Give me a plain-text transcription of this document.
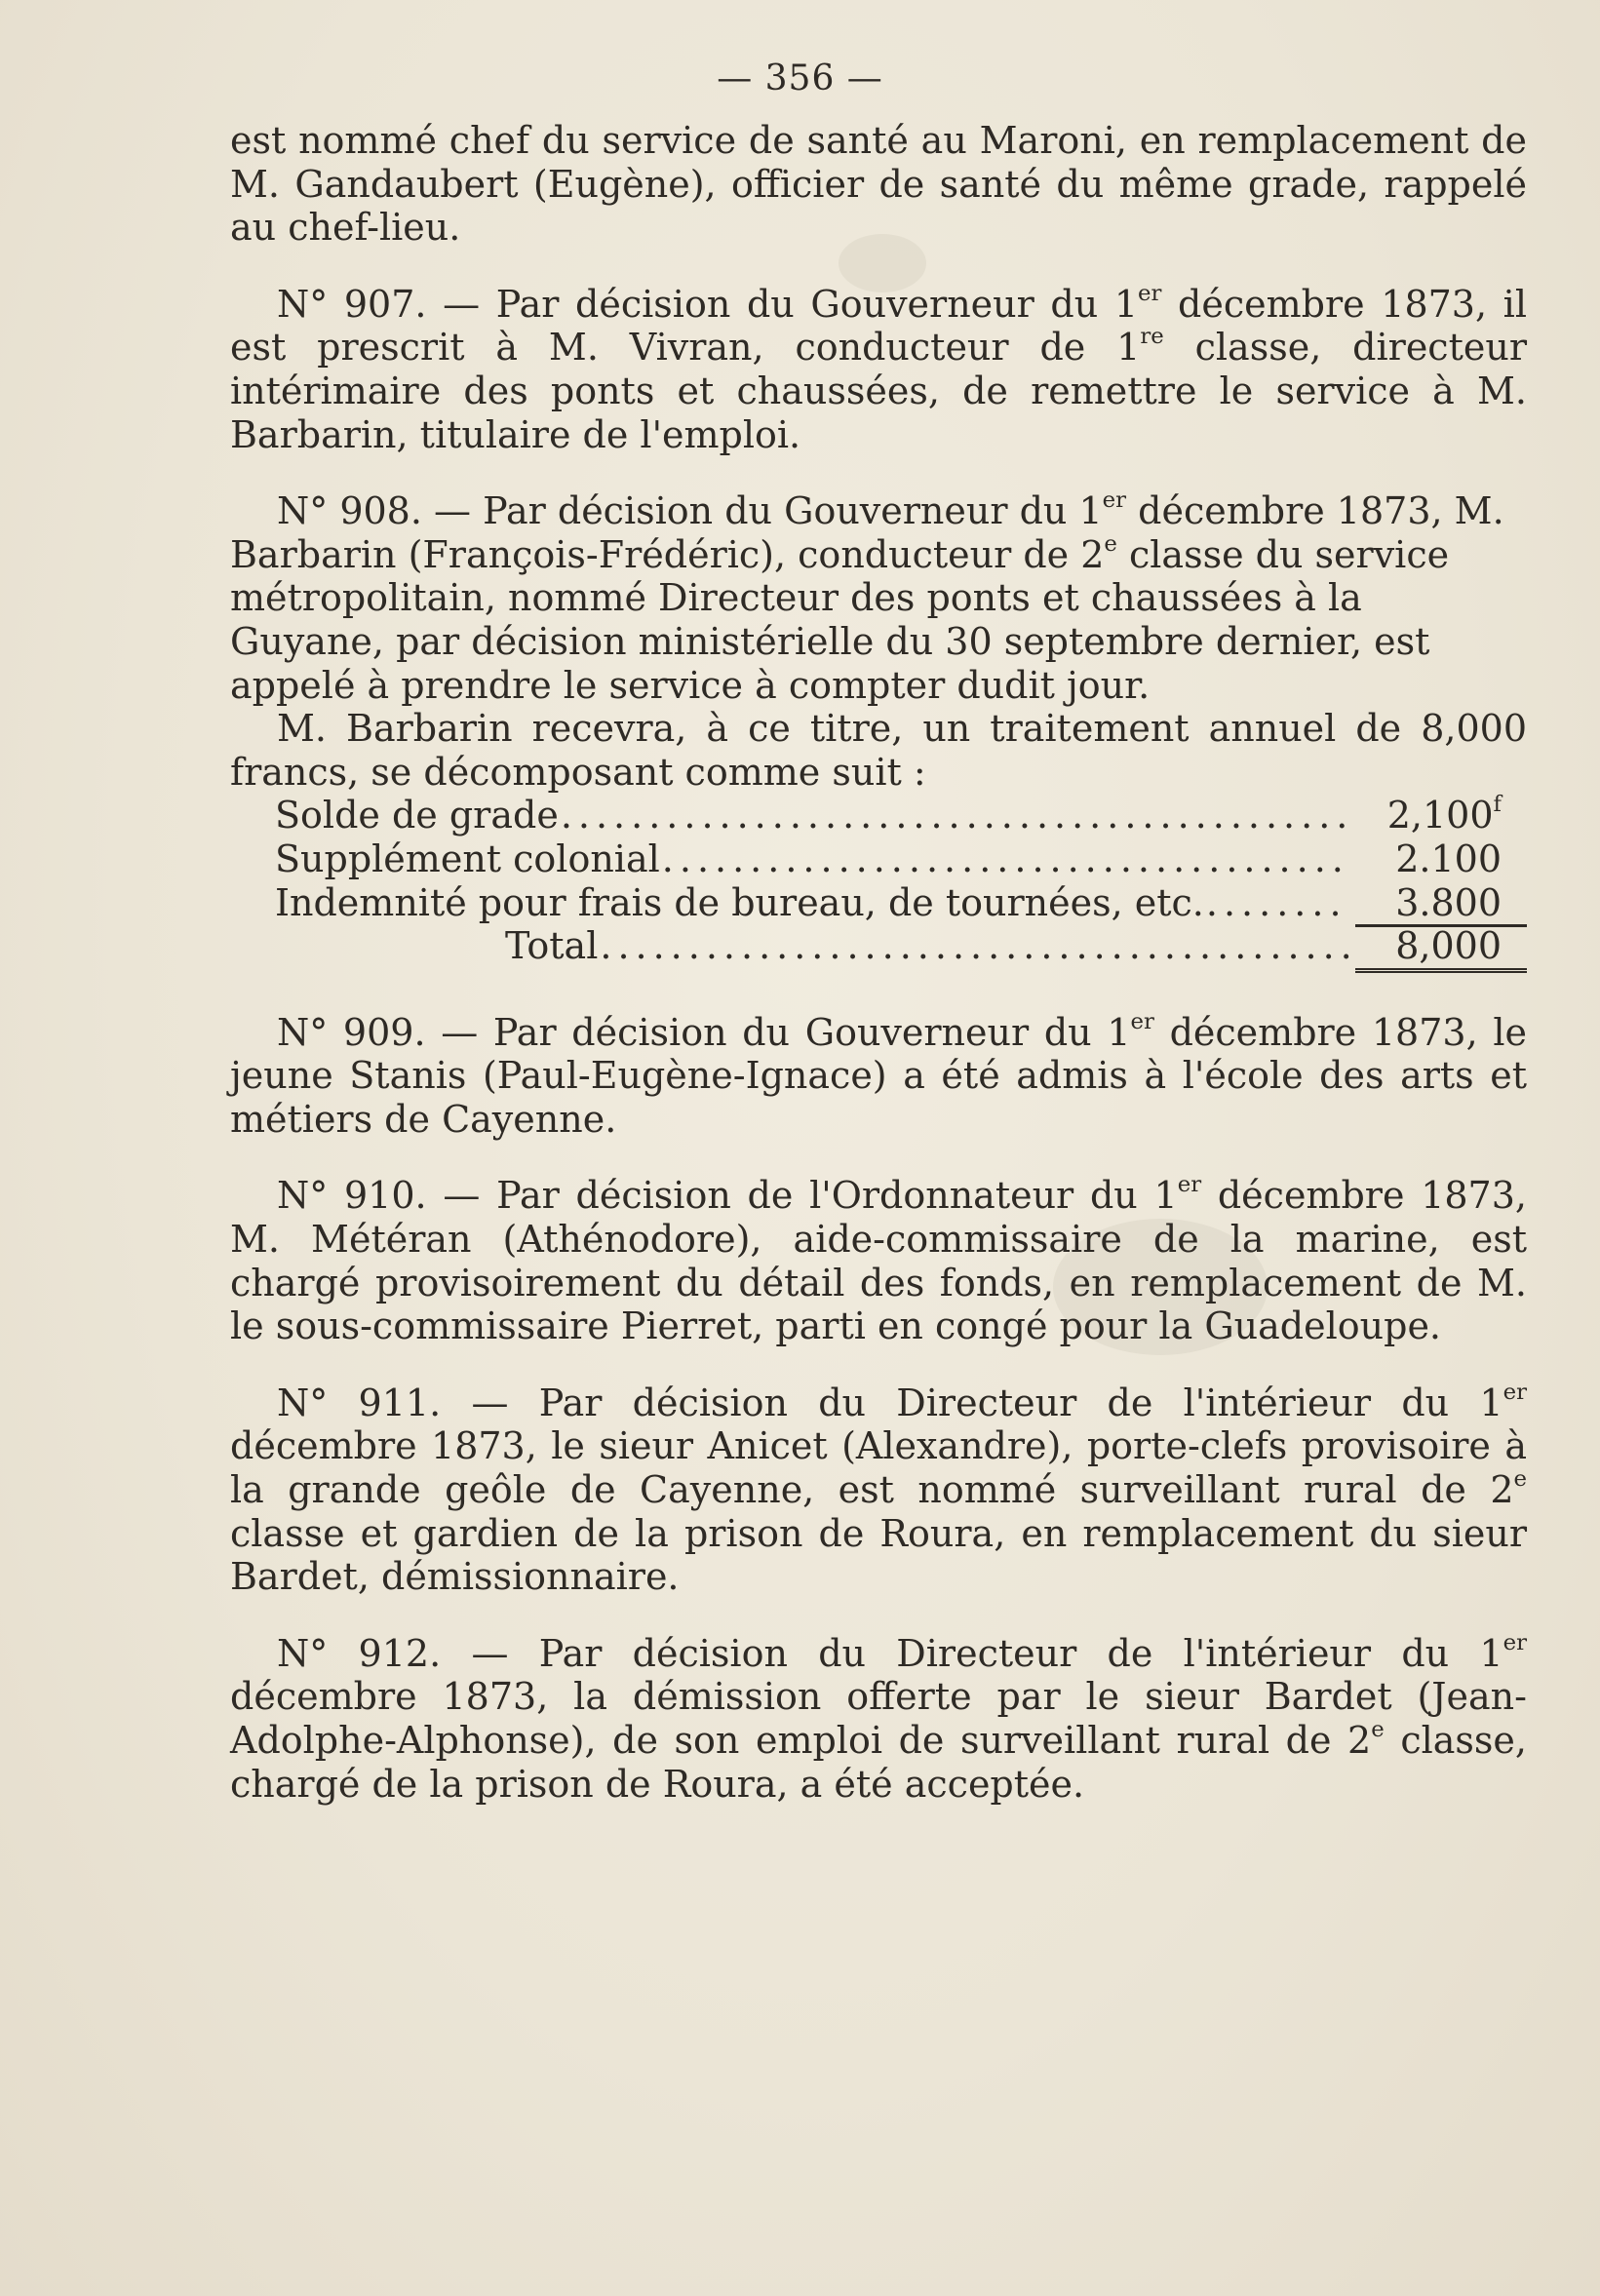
— 356 —

est nommé chef du service de santé au Maroni, en remplacement de M. Gandaubert (Eugène), officier de santé du même grade, rappelé au chef-lieu.

N° 907. — Par décision du Gouverneur du 1er décembre 1873, il est prescrit à M. Vivran, conducteur de 1re classe, directeur intérimaire des ponts et chaussées, de remettre le service à M. Barbarin, titulaire de l'emploi.

N° 908. — Par décision du Gouverneur du 1er décembre 1873, M. Barbarin (François-Frédéric), conducteur de 2e classe du service métropolitain, nommé Directeur des ponts et chaussées à la Guyane, par décision ministérielle du 30 septembre dernier, est appelé à prendre le service à compter dudit jour.

M. Barbarin recevra, à ce titre, un traitement annuel de 8,000 francs, se décomposant comme suit :

Solde de grade .....	2,100$^f$
Supplément colonial .....	2.100
Indemnité pour frais de bureau, de tournées, etc. .....	3.800
Total .....	8,000

N° 909. — Par décision du Gouverneur du 1er décembre 1873, le jeune Stanis (Paul-Eugène-Ignace) a été admis à l'école des arts et métiers de Cayenne.

N° 910. — Par décision de l'Ordonnateur du 1er décembre 1873, M. Météran (Athénodore), aide-commissaire de la marine, est chargé provisoirement du détail des fonds, en remplacement de M. le sous-commissaire Pierret, parti en congé pour la Guadeloupe.

N° 911. — Par décision du Directeur de l'intérieur du 1er décembre 1873, le sieur Anicet (Alexandre), porte-clefs provisoire à la grande geôle de Cayenne, est nommé surveillant rural de 2e classe et gardien de la prison de Roura, en remplacement du sieur Bardet, démissionnaire.

N° 912. — Par décision du Directeur de l'intérieur du 1er décembre 1873, la démission offerte par le sieur Bardet (Jean-Adolphe-Alphonse), de son emploi de surveillant rural de 2e classe, chargé de la prison de Roura, a été acceptée.
